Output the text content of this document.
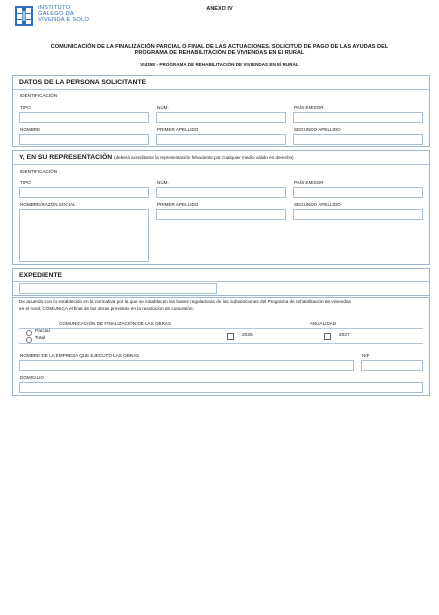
INSTITUTO
GALEGO DA
VIVENDA E SOLO
ANEXO IV
COMUNICACIÓN DE LA FINALIZACIÓN PARCIAL O FINAL DE LAS ACTUACIONES. SOLICITUD DE PAGO DE LAS AYUDAS DEL
PROGRAMA DE REHABILITACIÓN DE VIVIENDAS EN El RURAL
VI435E - PROGRAMA DE REHABILITACIÓN DE VIVIENDAS EN El RURAL
DATOS DE LA PERSONA SOLICITANTE
IDENTIFICACIÓN
TIPO	NÚM.	PAÍS EMISOR
NOMBRE	PRIMER APELLIDO	SEGUNDO APELLIDO
Y, EN SU REPRESENTACIÓN (deberá acreditarse la representación fehaciente por cualquier medio válido en derecho)
IDENTIFICACIÓN
TIPO	NÚM.	PAÍS EMISOR
NOMBRE/RAZÓN SOCIAL	PRIMER APELLIDO	SEGUNDO APELLIDO
EXPEDIENTE
De acuerdo con lo establecido en la normativa por la que se establecen las bases reguladoras de las subvenciones del Programa de rehabilitación de viviendas
en el rural, COMUNICA el final de las obras previstas en la resolución de concesión:
COMUNICACIÓN DE FINALIZACIÓN DE LAS OBRAS	ANUALIDAD
Parcial
Total
2026	2027
NOMBRE DE LA EMPRESA QUE EJECUTÓ LAS OBRAS	NIF
DOMICILIO
